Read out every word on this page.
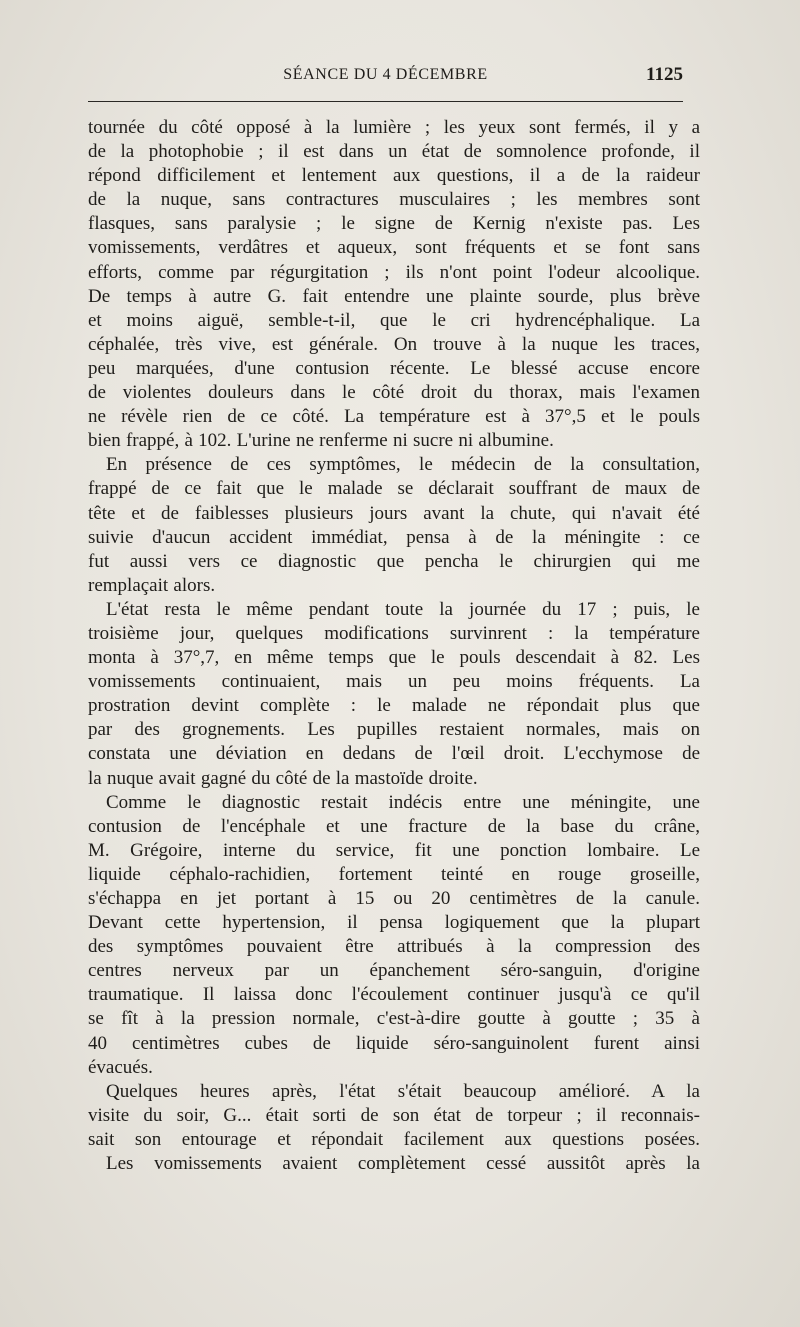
SÉANCE DU 4 DÉCEMBRE	1125
tournée du côté opposé à la lumière ; les yeux sont fermés, il y a
de la photophobie ; il est dans un état de somnolence profonde, il
répond difficilement et lentement aux questions, il a de la raideur
de la nuque, sans contractures musculaires ; les membres sont
flasques, sans paralysie ; le signe de Kernig n'existe pas. Les
vomissements, verdâtres et aqueux, sont fréquents et se font sans
efforts, comme par régurgitation ; ils n'ont point l'odeur alcoolique.
De temps à autre G. fait entendre une plainte sourde, plus brève
et moins aiguë, semble-t-il, que le cri hydrencéphalique. La
céphalée, très vive, est générale. On trouve à la nuque les traces,
peu marquées, d'une contusion récente. Le blessé accuse encore
de violentes douleurs dans le côté droit du thorax, mais l'examen
ne révèle rien de ce côté. La température est à 37°,5 et le pouls
bien frappé, à 102. L'urine ne renferme ni sucre ni albumine.
En présence de ces symptômes, le médecin de la consultation,
frappé de ce fait que le malade se déclarait souffrant de maux de
tête et de faiblesses plusieurs jours avant la chute, qui n'avait été
suivie d'aucun accident immédiat, pensa à de la méningite : ce
fut aussi vers ce diagnostic que pencha le chirurgien qui me
remplaçait alors.
L'état resta le même pendant toute la journée du 17 ; puis, le
troisième jour, quelques modifications survinrent : la température
monta à 37°,7, en même temps que le pouls descendait à 82. Les
vomissements continuaient, mais un peu moins fréquents. La
prostration devint complète : le malade ne répondait plus que
par des grognements. Les pupilles restaient normales, mais on
constata une déviation en dedans de l'œil droit. L'ecchymose de
la nuque avait gagné du côté de la mastoïde droite.
Comme le diagnostic restait indécis entre une méningite, une
contusion de l'encéphale et une fracture de la base du crâne,
M. Grégoire, interne du service, fit une ponction lombaire. Le
liquide céphalo-rachidien, fortement teinté en rouge groseille,
s'échappa en jet portant à 15 ou 20 centimètres de la canule.
Devant cette hypertension, il pensa logiquement que la plupart
des symptômes pouvaient être attribués à la compression des
centres nerveux par un épanchement séro-sanguin, d'origine
traumatique. Il laissa donc l'écoulement continuer jusqu'à ce qu'il
se fît à la pression normale, c'est-à-dire goutte à goutte ; 35 à
40 centimètres cubes de liquide séro-sanguinolent furent ainsi
évacués.
Quelques heures après, l'état s'était beaucoup amélioré. A la
visite du soir, G... était sorti de son état de torpeur ; il reconnais-
sait son entourage et répondait facilement aux questions posées.
Les vomissements avaient complètement cessé aussitôt après la
